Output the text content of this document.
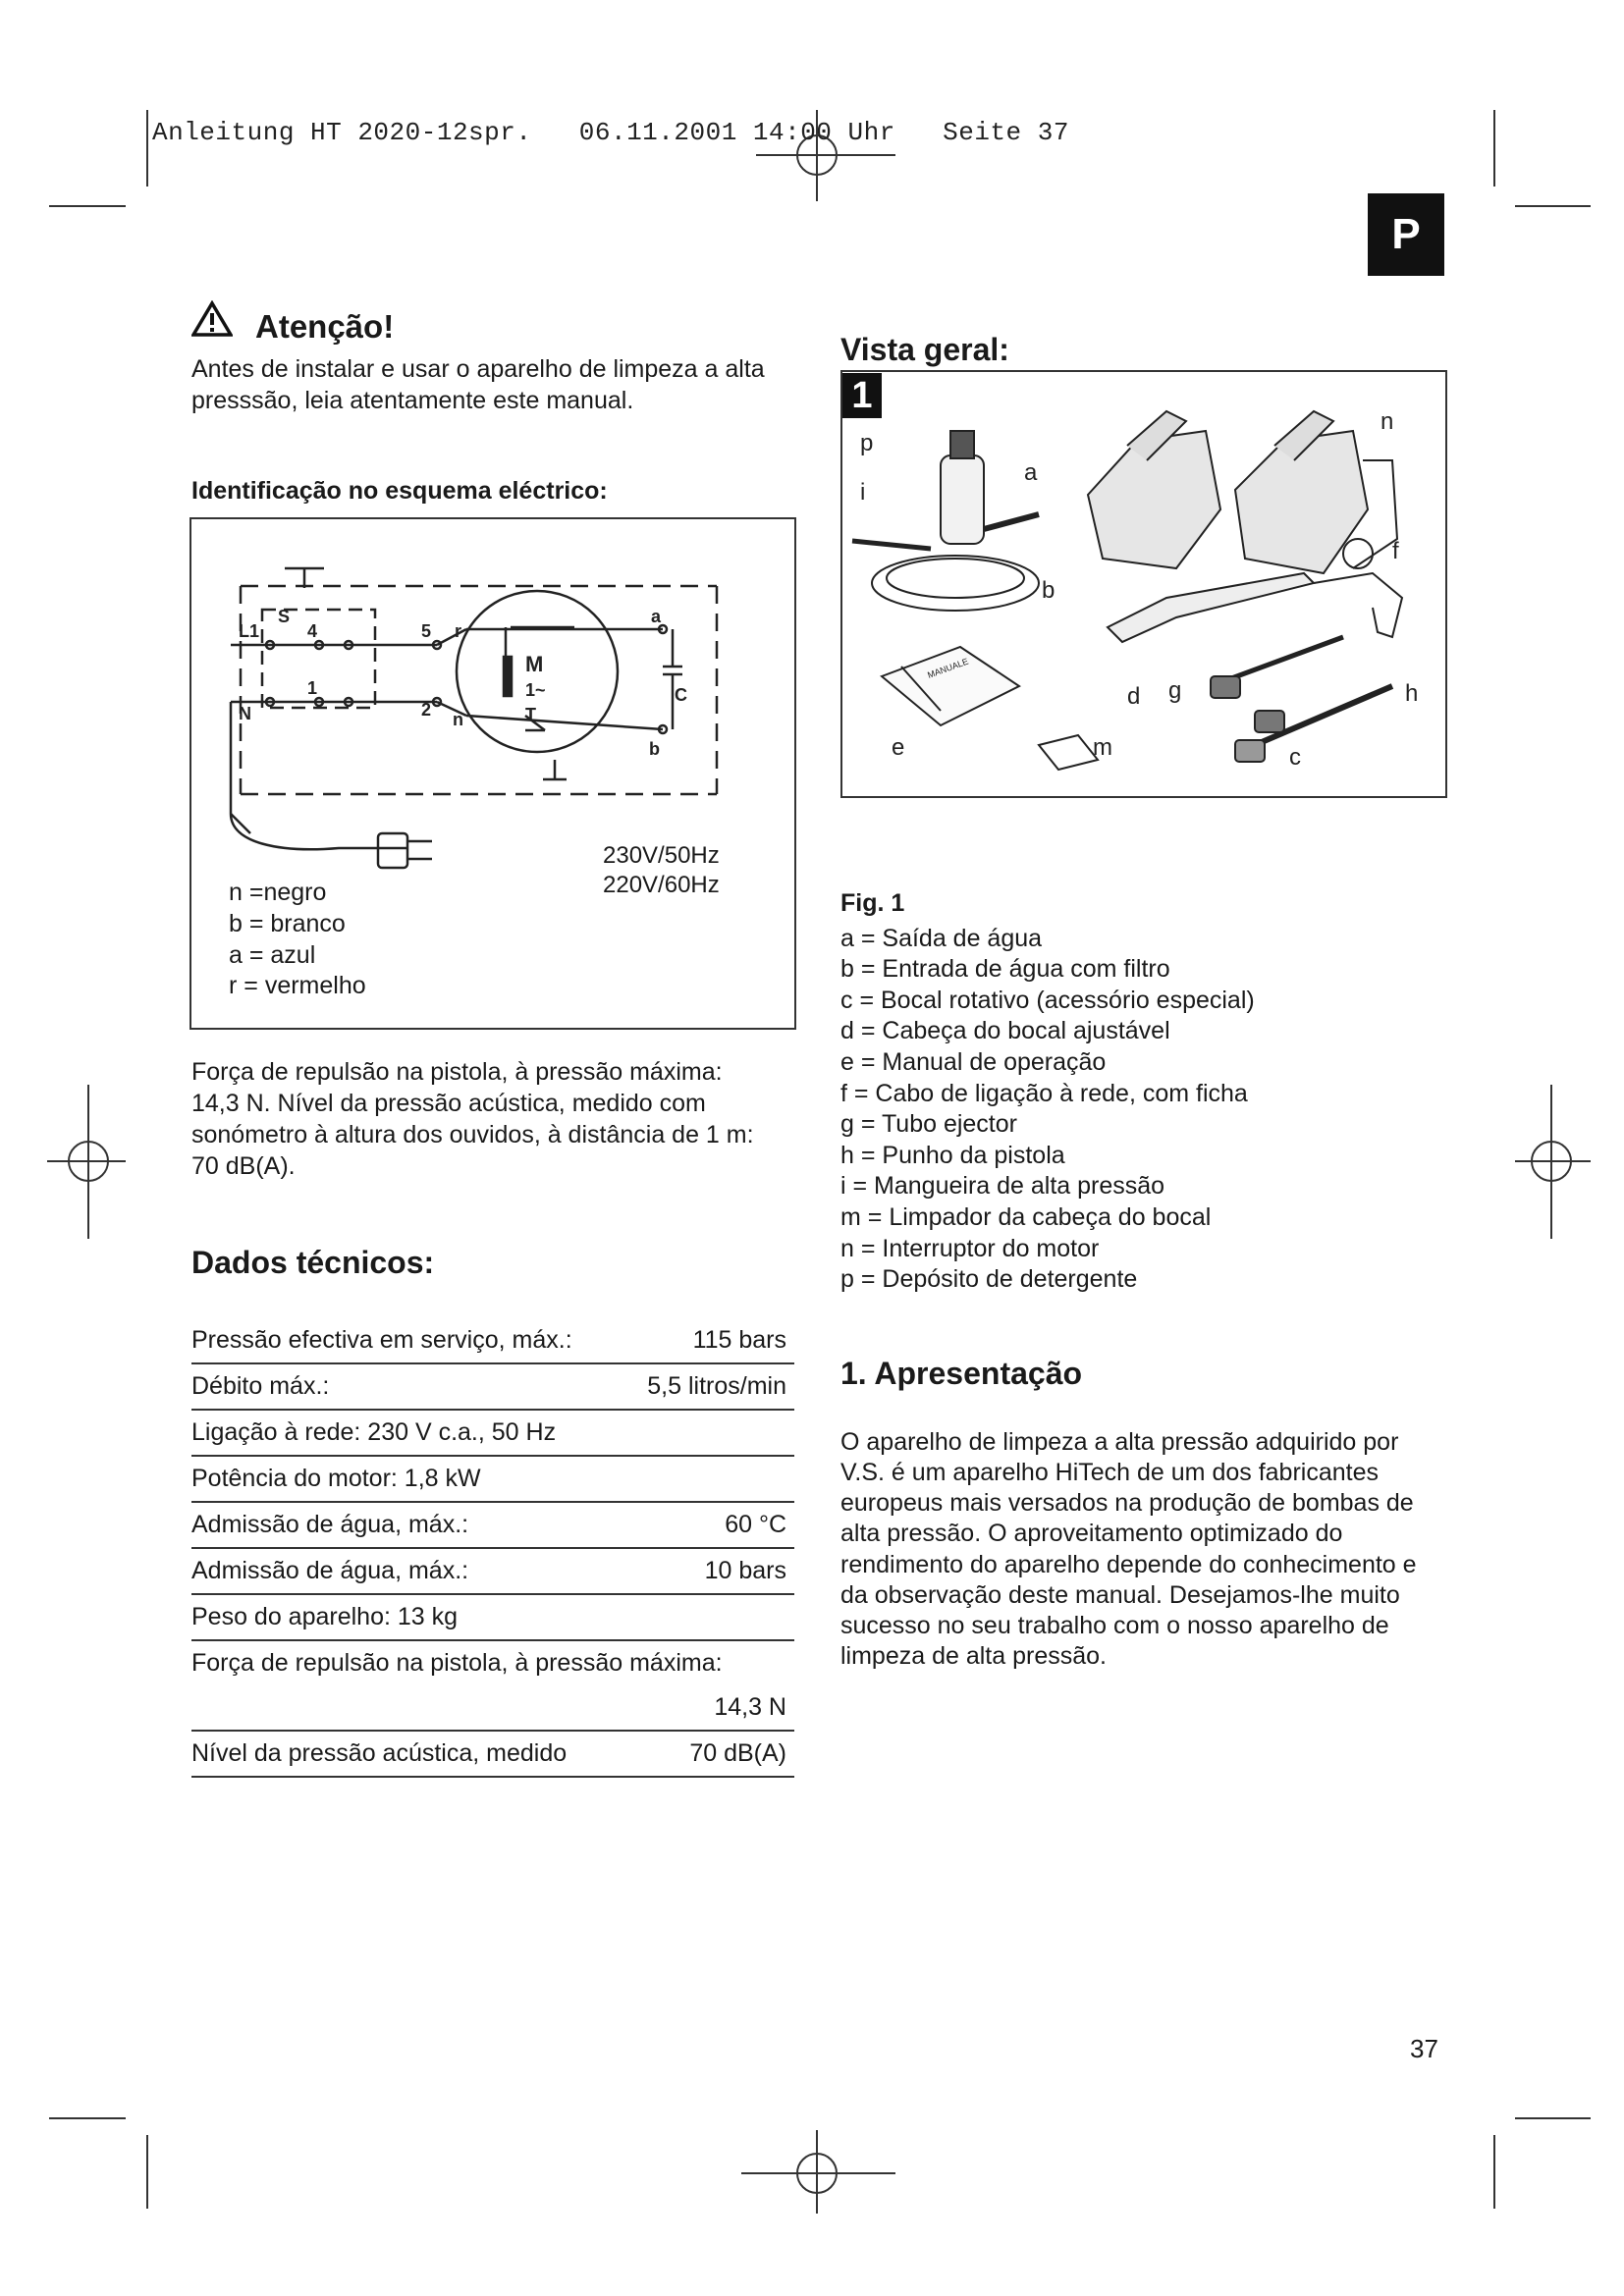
Anleitung HT 2020-12spr.   06.11.2001 14:00 Uhr   Seite 37
P
Atenção!
Antes de instalar e usar o aparelho de limpeza a alta
presssão, leia atentamente este manual.
Identificação no esquema eléctrico:
L1
S
4	5 r
a
1
2 n
N
M
1~	C
T
b
230V/50Hz
220V/60Hz
n =negro
b = branco
a = azul
r = vermelho
Força de repulsão na pistola, à pressão máxima:
14,3 N. Nível da pressão acústica, medido com
sonómetro à altura dos ouvidos, à distância de 1 m:
70 dB(A).
Dados técnicos:
Pressão efectiva em serviço, máx.:	115 bars
Débito máx.:	5,5 litros/min
Ligação à rede: 230 V c.a., 50 Hz	
Potência do motor: 1,8 kW	
Admissão de água, máx.:	60 °C
Admissão de água, máx.:	10 bars
Peso do aparelho: 13 kg	
Força de repulsão na pistola, à pressão máxima:	
	14,3 N
Nível da pressão acústica, medido	70 dB(A)
Vista geral:
1
p
i
a
b
n
f
h
g
d
e	m	c
MANUALE
Fig. 1
a = Saída de água
b = Entrada de água com filtro
c = Bocal rotativo (acessório especial)
d = Cabeça do bocal ajustável
e = Manual de operação
f = Cabo de ligação à rede, com ficha
g = Tubo ejector
h = Punho da pistola
i = Mangueira de alta pressão
m = Limpador da cabeça do bocal
n = Interruptor do motor
p = Depósito de detergente
1. Apresentação
O aparelho de limpeza a alta pressão adquirido por
V.S. é um aparelho HiTech de um dos fabricantes
europeus mais versados na produção de bombas de
alta pressão. O aproveitamento optimizado do
rendimento do aparelho depende do conhecimento e
da observação deste manual. Desejamos-lhe muito
sucesso no seu trabalho com o nosso aparelho de
limpeza de alta pressão.
37
